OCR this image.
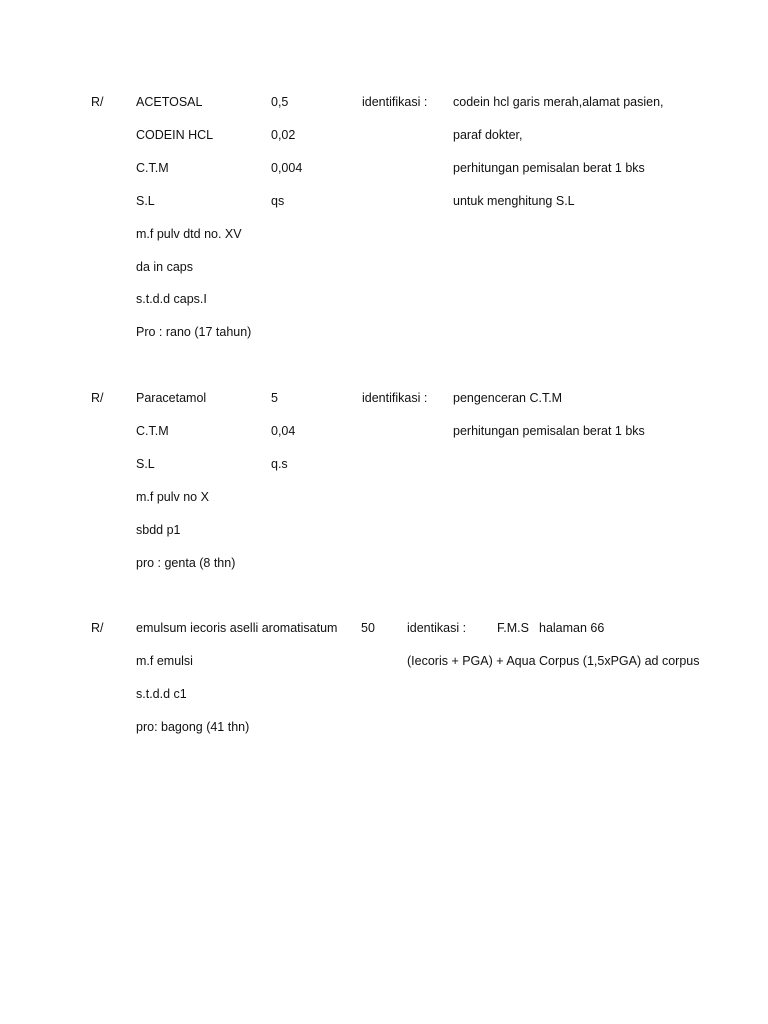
R/	ACETOSAL	0,5	identifikasi : codein hcl garis merah,alamat pasien,
CODEIN HCL	0,02	paraf dokter,
C.T.M	0,004	perhitungan pemisalan berat 1 bks
S.L	qs	untuk menghitung S.L
m.f pulv dtd no. XV
da in caps
s.t.d.d caps.I
Pro : rano (17 tahun)
R/	Paracetamol	5	identifikasi : pengenceran C.T.M
C.T.M	0,04	perhitungan pemisalan berat 1 bks
S.L	q.s
m.f pulv no X
sbdd p1
pro : genta (8 thn)
R/	emulsum iecoris aselli aromatisatum 50	identikasi : F.M.S halaman 66
m.f emulsi	(Iecoris + PGA) + Aqua Corpus (1,5xPGA) ad corpus
s.t.d.d c1
pro: bagong (41 thn)
